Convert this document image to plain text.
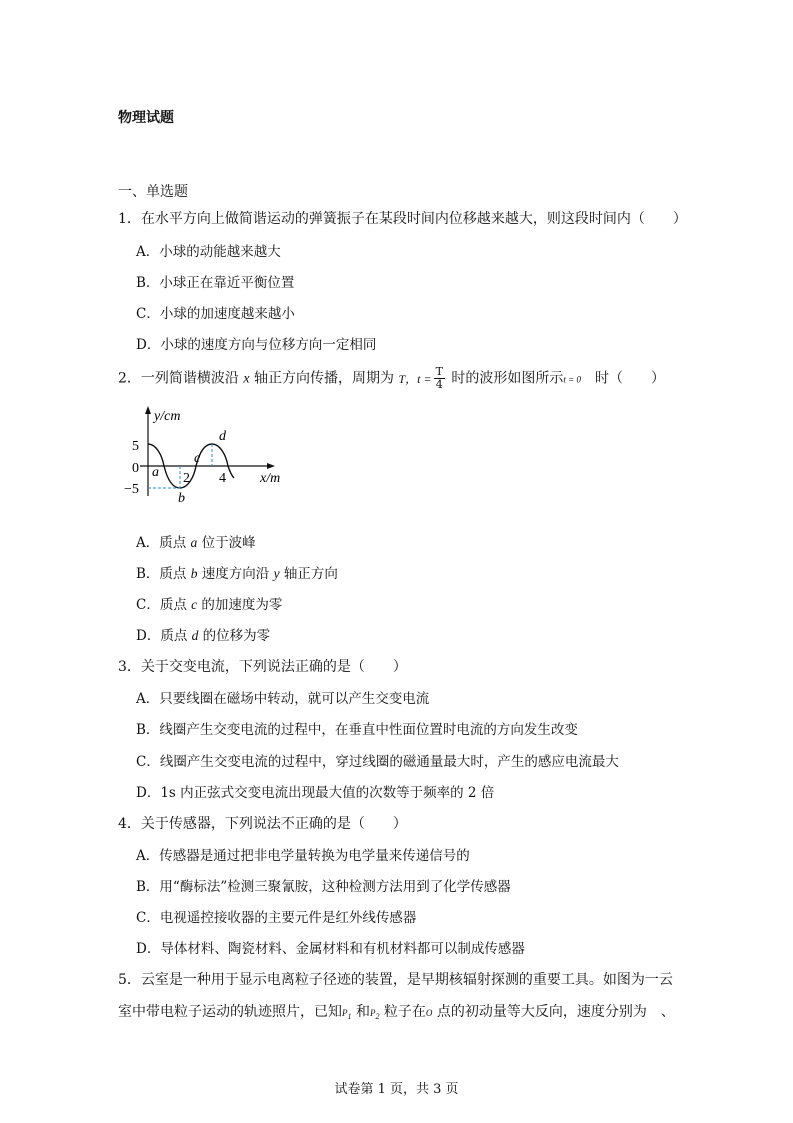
物理试题
一、单选题
1．在水平方向上做简谐运动的弹簧振子在某段时间内位移越来越大，则这段时间内（　　）
A．小球的动能越来越大
B．小球正在靠近平衡位置
C．小球的加速度越来越小
D．小球的速度方向与位移方向一定相同
2．一列简谐横波沿 x 轴正方向传播，周期为 T，$t = \frac{T}{4}$ 时的波形如图所示t = 0　时（　　）
y/cm
x/m
5
0
−5
2 4
a
b
c
d
A．质点 a 位于波峰
B．质点 b 速度方向沿 y 轴正方向
C．质点 c 的加速度为零
D．质点 d 的位移为零
3．关于交变电流，下列说法正确的是（　　）
A．只要线圈在磁场中转动，就可以产生交变电流
B．线圈产生交变电流的过程中，在垂直中性面位置时电流的方向发生改变
C．线圈产生交变电流的过程中，穿过线圈的磁通量最大时，产生的感应电流最大
D．1s 内正弦式交变电流出现最大值的次数等于频率的 2 倍
4．关于传感器，下列说法不正确的是（　　）
A．传感器是通过把非电学量转换为电学量来传递信号的
B．用“酶标法”检测三聚氰胺，这种检测方法用到了化学传感器
C．电视遥控接收器的主要元件是红外线传感器
D．导体材料、陶瓷材料、金属材料和有机材料都可以制成传感器
5．云室是一种用于显示电离粒子径迹的装置，是早期核辐射探测的重要工具。如图为一云
室中带电粒子运动的轨迹照片，已知P1 和P2 粒子在O 点的初动量等大反向，速度分别为　、
试卷第 1 页，共 3 页
